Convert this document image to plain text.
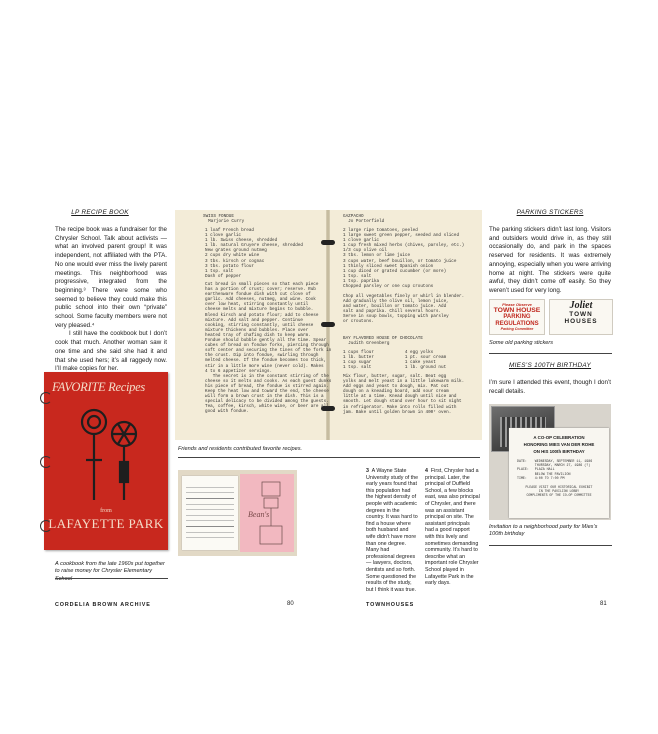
LP RECIPE BOOK

The recipe book was a fundraiser for the Chrysler School. Talk about activists — what an involved parent group! It was independent, not affiliated with the PTA. No one would ever miss the lively parent meetings. This neighborhood was progressive, integrated from the beginning.³ There were some who seemed to believe they could make this public school into their own “private” school. Some faculty members were not very pleased.⁴

I still have the cookbook but I don’t cook that much. Another woman saw it one time and she said she had it and that she used hers; it’s all raggedy now. I’ll make copies for her.

FAVORITE Recipes
from
LAFAYETTE PARK
A cookbook from the late 1960s put together to raise money for Chrysler Elementary School
SWISS FONDUE
Marjorie Curry
1 loaf French bread
1 clove garlic
1 lb. Swiss cheese, shredded
1 lb. natural Gruyere cheese, shredded
New grates ground nutmeg
2 cups dry white wine
3 tbs. kirsch or cognac
3 tbs. potato flour
1 tsp. salt
Dash of pepper
Cut bread in small pieces so that each piece
has a portion of crust; cover; reserve. Rub
earthenware fondue dish with cut clove of
garlic. Add cheeses, nutmeg, and wine. Cook
over low heat, stirring constantly until
cheese melts and mixture begins to bubble.
Blend kirsch and potato flour; add to cheese
mixture. Add salt and pepper. Continue
cooking, stirring constantly, until cheese
mixture thickens and bubbles. Place over
heated tray of chafing dish to keep warm.
Fondue should bubble gently all the time. Spear
cubes of bread on fondue forks, piercing through
soft center and securing the tines of the fork in
the crust. Dip into fondue, swirling through
melted cheese. If the fondue becomes too thick,
stir in a little more wine (never cold). Makes
4 to 6 appetizer servings.
The secret is in the constant stirring of the
cheese so it melts and cooks. As each guest dunks
his piece of bread, the fondue is stirred again.
Keep the heat low and toward the end, the cheese
will form a brown crust in the dish. This is a
special delicacy to be divided among the guests.
Tea, coffee, kirsch, white wine, or beer are all
good with fondue.
GAZPACHO
Jo Porterfield
2 large ripe tomatoes, peeled
1 large sweet green pepper, seeded and sliced
1 clove garlic
1 cup fresh mixed herbs (chives, parsley, etc.)
1/3 cup olive oil
3 tbs. lemon or lime juice
3 cups water, beef bouillon, or tomato juice
1 thinly sliced sweet Spanish onion
1 cup diced or grated cucumber (or more)
1 tsp. salt
1 tsp. paprika
Chopped parsley or one cup croutons
Chop all vegetables finely or whirl in blender.
Add gradually the olive oil, lemon juice,
and water, bouillon or tomato juice. Add
salt and paprika. Chill several hours.
Serve in soup bowls, topping with parsley
or croutons.
BAY FLAVORED HOUSE OF CHOCOLATE
Judith Greenberg
1 cups flour            4 egg yolks
1 lb. butter            1 pt. sour cream
1 cup sugar             1 cake yeast
1 tsp. salt             1 lb. ground nut
Mix flour, butter, sugar, salt. Beat egg
yolks and melt yeast in a little lukewarm milk.
Add eggs and yeast to dough, mix. Pat out
dough on a kneading board, add sour cream
little at a time. Knead dough until nice and
smooth. Let dough stand over hour to sit night
in refrigerator. Make into rolls filled with
jam. Bake until golden brown in 400° oven.
Friends and residents contributed favorite recipes.
Bean's
3 A Wayne State University study of the early years found that this population had the highest density of people with academic degrees in the country. It was hard to find a house where both husband and wife didn’t have more than one degree. Many had professional degrees — lawyers, doctors, dentists and so forth. Some questioned the results of the study, but I think it was true.
4 First, Chrysler had a principal. Later, the principal of Duffield School, a few blocks east, was also principal of Chrysler, and there was an assistant principal on site. The assistant principals had a good rapport with this lively and sometimes demanding community. It’s hard to describe what an important role Chrysler School played in Lafayette Park in the early days.
PARKING STICKERS
The parking stickers didn’t last long. Visitors and outsiders would drive in, as they still occasionally do, and park in the spaces reserved for residents. It was extremely annoying, especially when you were arriving home at night. The stickers were quite awful, they didn’t come off easily. So they weren’t used for very long.
Please Observe
TOWN HOUSE
PARKING
REGULATIONS
Parking Committee
Joliet
TOWN
HOUSES
Some old parking stickers
MIES’S 100TH BIRTHDAY
I’m sure I attended this event, though I don’t recall details.
A CO-OP CELEBRATION
HONORING MIES VAN DER ROHE
ON HIS 100th BIRTHDAY
DATE:    WEDNESDAY, SEPTEMBER 11, 1986
THURSDAY, MARCH 27, 1986 (?)
PLACE:   PLAZA HALL
BELOW THE PAVILION
TIME:    4:00 TO 7:00 PM
PLEASE VISIT OUR HISTORICAL EXHIBIT
IN THE PAVILION LOBBY
COMPLIMENTS OF THE CO-OP COMMITTEE
Invitation to a neighborhood party for Mies’s 100th birthday
CORDELIA BROWN ARCHIVE	80	TOWNHOUSES	81
